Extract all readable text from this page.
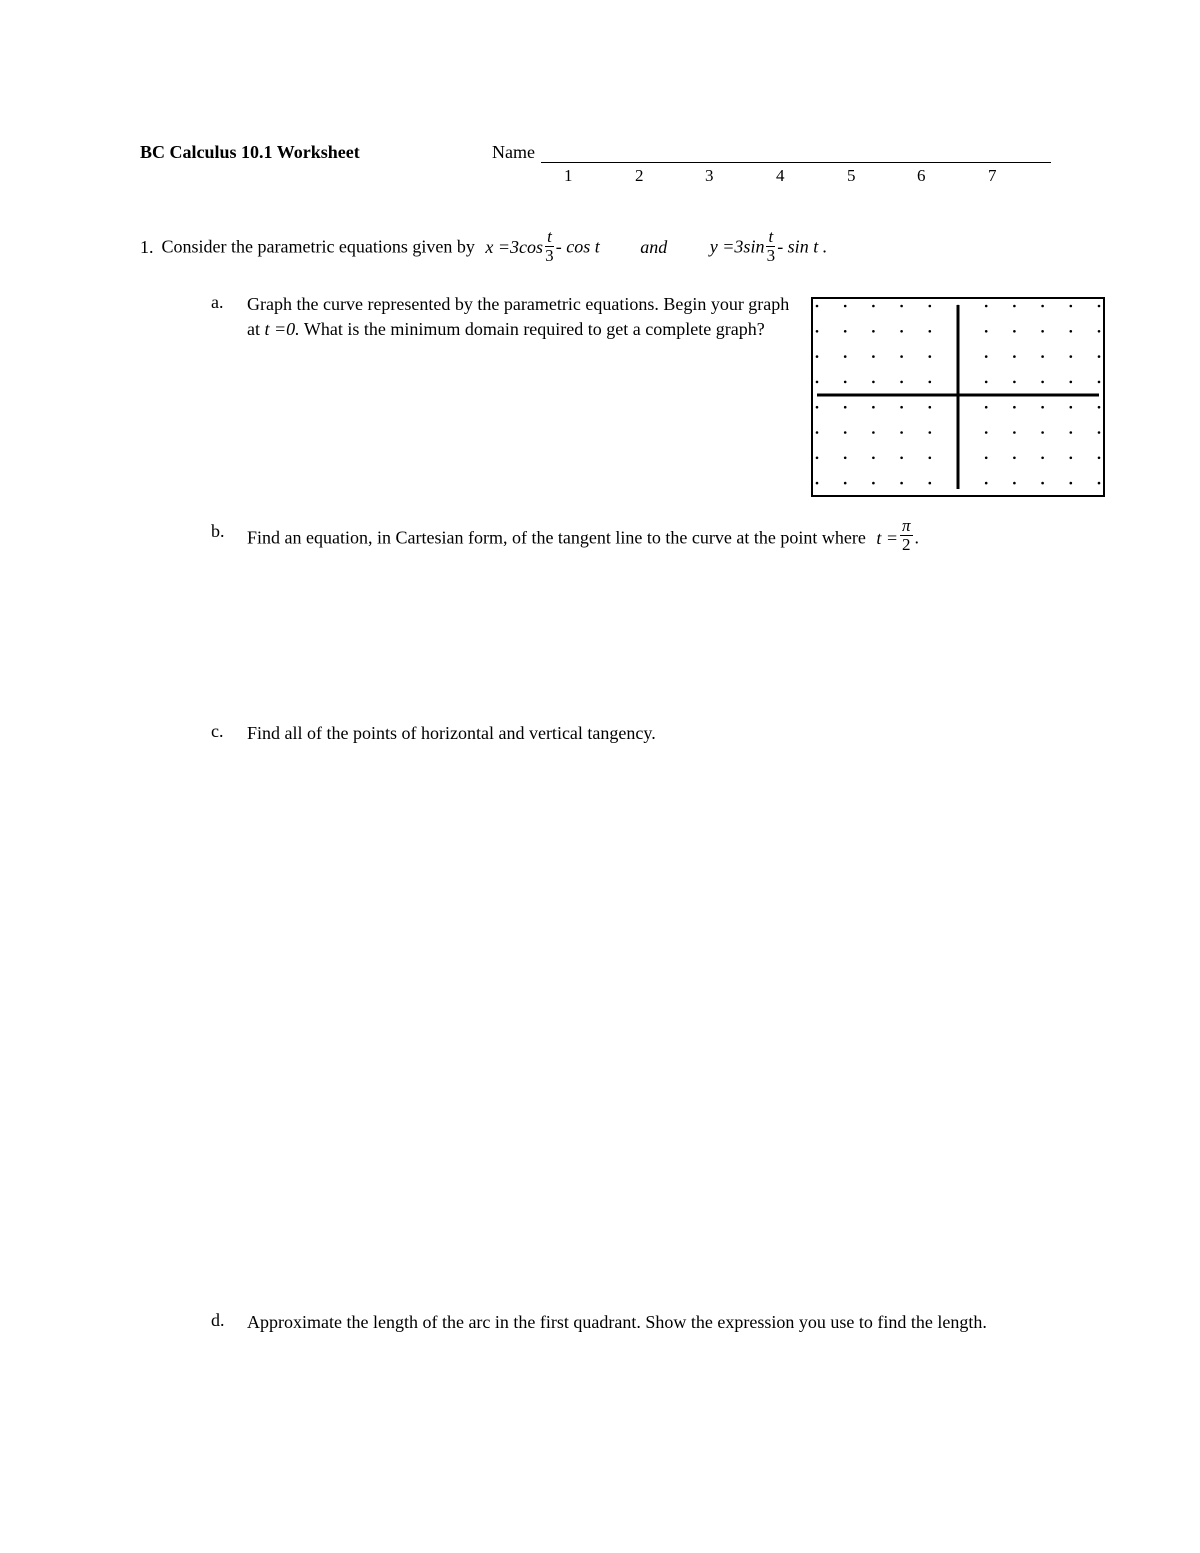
BC Calculus 10.1 Worksheet	Name
1	2	3	4	5	6	7
1. Consider the parametric equations given by $x =3\cos \frac{t}{3} - \cos t$ and $y =3\sin \frac{t}{3} - \sin t$ .
a. Graph the curve represented by the parametric equations. Begin your graph at t =0. What is the minimum domain required to get a complete graph?
b. Find an equation, in Cartesian form, of the tangent line to the curve at the point where $t = \frac{\pi}{2}$ .
c. Find all of the points of horizontal and vertical tangency.
d. Approximate the length of the arc in the first quadrant. Show the expression you use to find the length.
